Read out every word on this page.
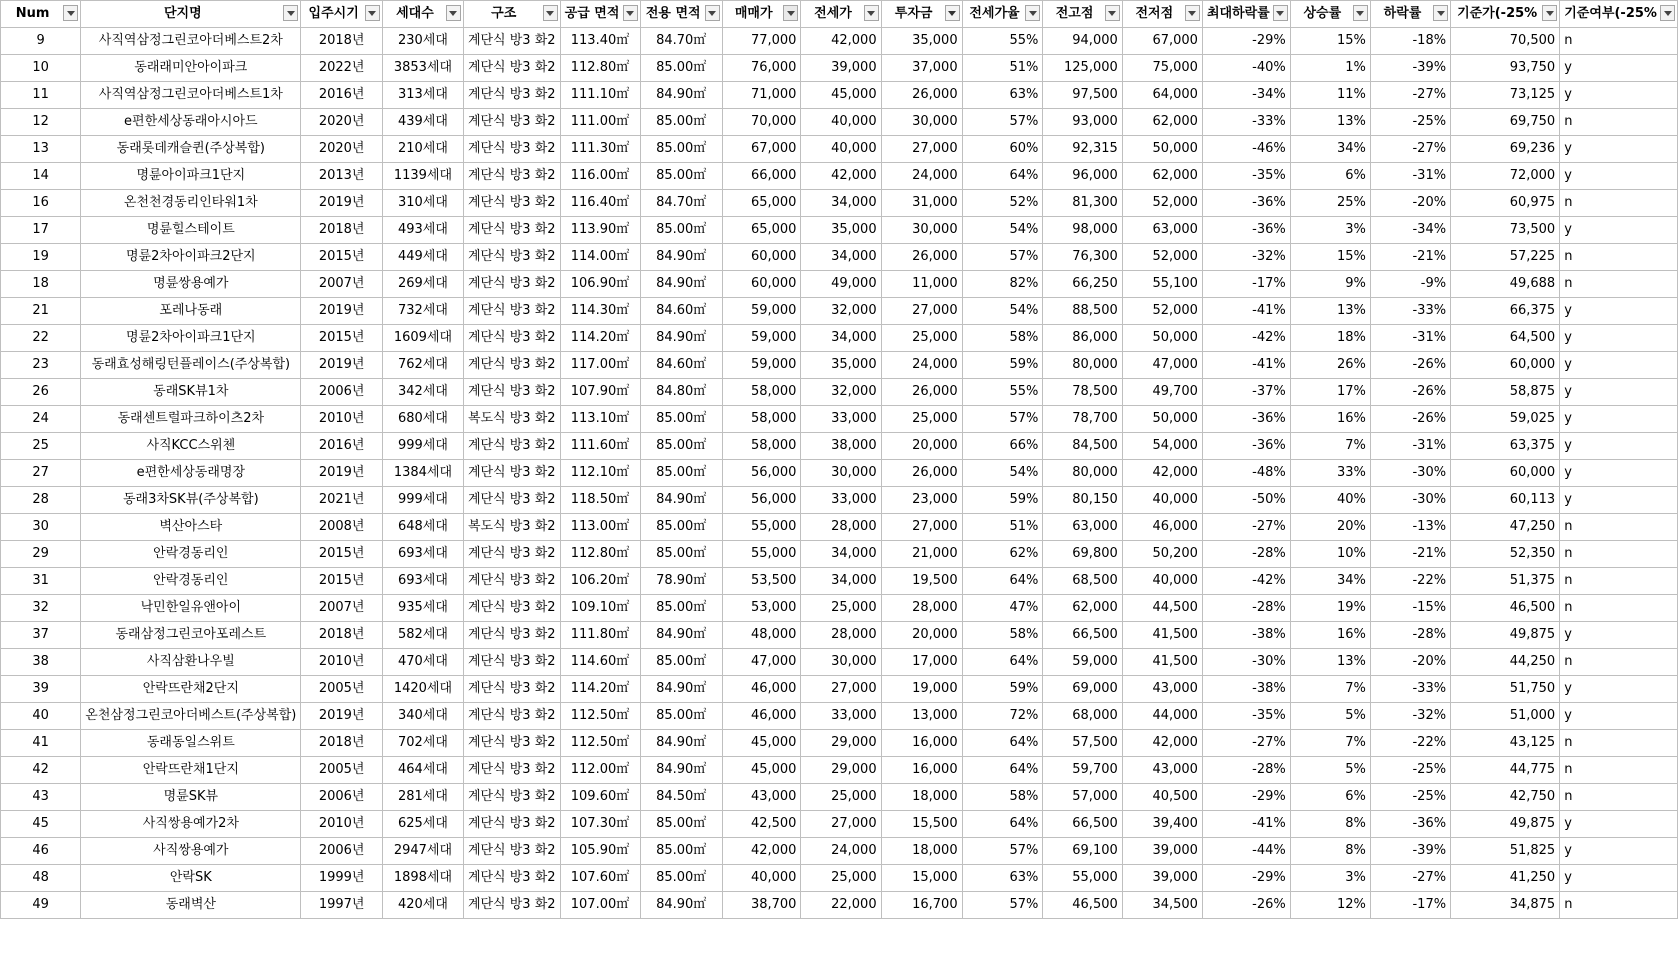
Num	단지명	입주시기	세대수	구조	공급 면적	전용 면적	매매가	전세가	투자금	전세가율	전고점	전저점	최대하락률	상승률	하락률	기준가(-25%	기준여부(-25%

9	사직역삼정그린코아더베스트2차	2018년	230세대	계단식 방3 화2	113.40㎡	84.70㎡	77,000	42,000	35,000	55%	94,000	67,000	-29%	15%	-18%	70,500	n
10	동래래미안아이파크	2022년	3853세대	계단식 방3 화2	112.80㎡	85.00㎡	76,000	39,000	37,000	51%	125,000	75,000	-40%	1%	-39%	93,750	y
11	사직역삼정그린코아더베스트1차	2016년	313세대	계단식 방3 화2	111.10㎡	84.90㎡	71,000	45,000	26,000	63%	97,500	64,000	-34%	11%	-27%	73,125	y
12	e편한세상동래아시아드	2020년	439세대	계단식 방3 화2	111.00㎡	85.00㎡	70,000	40,000	30,000	57%	93,000	62,000	-33%	13%	-25%	69,750	n
13	동래롯데캐슬퀸(주상복합)	2020년	210세대	계단식 방3 화2	111.30㎡	85.00㎡	67,000	40,000	27,000	60%	92,315	50,000	-46%	34%	-27%	69,236	y
14	명륜아이파크1단지	2013년	1139세대	계단식 방3 화2	116.00㎡	85.00㎡	66,000	42,000	24,000	64%	96,000	62,000	-35%	6%	-31%	72,000	y
16	온천천경동리인타워1차	2019년	310세대	계단식 방3 화2	116.40㎡	84.70㎡	65,000	34,000	31,000	52%	81,300	52,000	-36%	25%	-20%	60,975	n
17	명륜힐스테이트	2018년	493세대	계단식 방3 화2	113.90㎡	85.00㎡	65,000	35,000	30,000	54%	98,000	63,000	-36%	3%	-34%	73,500	y
19	명륜2차아이파크2단지	2015년	449세대	계단식 방3 화2	114.00㎡	84.90㎡	60,000	34,000	26,000	57%	76,300	52,000	-32%	15%	-21%	57,225	n
18	명륜쌍용예가	2007년	269세대	계단식 방3 화2	106.90㎡	84.90㎡	60,000	49,000	11,000	82%	66,250	55,100	-17%	9%	-9%	49,688	n
21	포레나동래	2019년	732세대	계단식 방3 화2	114.30㎡	84.60㎡	59,000	32,000	27,000	54%	88,500	52,000	-41%	13%	-33%	66,375	y
22	명륜2차아이파크1단지	2015년	1609세대	계단식 방3 화2	114.20㎡	84.90㎡	59,000	34,000	25,000	58%	86,000	50,000	-42%	18%	-31%	64,500	y
23	동래효성해링턴플레이스(주상복합)	2019년	762세대	계단식 방3 화2	117.00㎡	84.60㎡	59,000	35,000	24,000	59%	80,000	47,000	-41%	26%	-26%	60,000	y
26	동래SK뷰1차	2006년	342세대	계단식 방3 화2	107.90㎡	84.80㎡	58,000	32,000	26,000	55%	78,500	49,700	-37%	17%	-26%	58,875	y
24	동래센트럴파크하이츠2차	2010년	680세대	복도식 방3 화2	113.10㎡	85.00㎡	58,000	33,000	25,000	57%	78,700	50,000	-36%	16%	-26%	59,025	y
25	사직KCC스위첸	2016년	999세대	계단식 방3 화2	111.60㎡	85.00㎡	58,000	38,000	20,000	66%	84,500	54,000	-36%	7%	-31%	63,375	y
27	e편한세상동래명장	2019년	1384세대	계단식 방3 화2	112.10㎡	85.00㎡	56,000	30,000	26,000	54%	80,000	42,000	-48%	33%	-30%	60,000	y
28	동래3차SK뷰(주상복합)	2021년	999세대	계단식 방3 화2	118.50㎡	84.90㎡	56,000	33,000	23,000	59%	80,150	40,000	-50%	40%	-30%	60,113	y
30	벽산아스타	2008년	648세대	복도식 방3 화2	113.00㎡	85.00㎡	55,000	28,000	27,000	51%	63,000	46,000	-27%	20%	-13%	47,250	n
29	안락경동리인	2015년	693세대	계단식 방3 화2	112.80㎡	85.00㎡	55,000	34,000	21,000	62%	69,800	50,200	-28%	10%	-21%	52,350	n
31	안락경동리인	2015년	693세대	계단식 방3 화2	106.20㎡	78.90㎡	53,500	34,000	19,500	64%	68,500	40,000	-42%	34%	-22%	51,375	n
32	낙민한일유앤아이	2007년	935세대	계단식 방3 화2	109.10㎡	85.00㎡	53,000	25,000	28,000	47%	62,000	44,500	-28%	19%	-15%	46,500	n
37	동래삼정그린코아포레스트	2018년	582세대	계단식 방3 화2	111.80㎡	84.90㎡	48,000	28,000	20,000	58%	66,500	41,500	-38%	16%	-28%	49,875	y
38	사직삼환나우빌	2010년	470세대	계단식 방3 화2	114.60㎡	85.00㎡	47,000	30,000	17,000	64%	59,000	41,500	-30%	13%	-20%	44,250	n
39	안락뜨란채2단지	2005년	1420세대	계단식 방3 화2	114.20㎡	84.90㎡	46,000	27,000	19,000	59%	69,000	43,000	-38%	7%	-33%	51,750	y
40	온천삼정그린코아더베스트(주상복합)	2019년	340세대	계단식 방3 화2	112.50㎡	85.00㎡	46,000	33,000	13,000	72%	68,000	44,000	-35%	5%	-32%	51,000	y
41	동래동일스위트	2018년	702세대	계단식 방3 화2	112.50㎡	84.90㎡	45,000	29,000	16,000	64%	57,500	42,000	-27%	7%	-22%	43,125	n
42	안락뜨란채1단지	2005년	464세대	계단식 방3 화2	112.00㎡	84.90㎡	45,000	29,000	16,000	64%	59,700	43,000	-28%	5%	-25%	44,775	n
43	명륜SK뷰	2006년	281세대	계단식 방3 화2	109.60㎡	84.50㎡	43,000	25,000	18,000	58%	57,000	40,500	-29%	6%	-25%	42,750	n
45	사직쌍용예가2차	2010년	625세대	계단식 방3 화2	107.30㎡	85.00㎡	42,500	27,000	15,500	64%	66,500	39,400	-41%	8%	-36%	49,875	y
46	사직쌍용예가	2006년	2947세대	계단식 방3 화2	105.90㎡	85.00㎡	42,000	24,000	18,000	57%	69,100	39,000	-44%	8%	-39%	51,825	y
48	안락SK	1999년	1898세대	계단식 방3 화2	107.60㎡	85.00㎡	40,000	25,000	15,000	63%	55,000	39,000	-29%	3%	-27%	41,250	y
49	동래벽산	1997년	420세대	계단식 방3 화2	107.00㎡	84.90㎡	38,700	22,000	16,700	57%	46,500	34,500	-26%	12%	-17%	34,875	n
